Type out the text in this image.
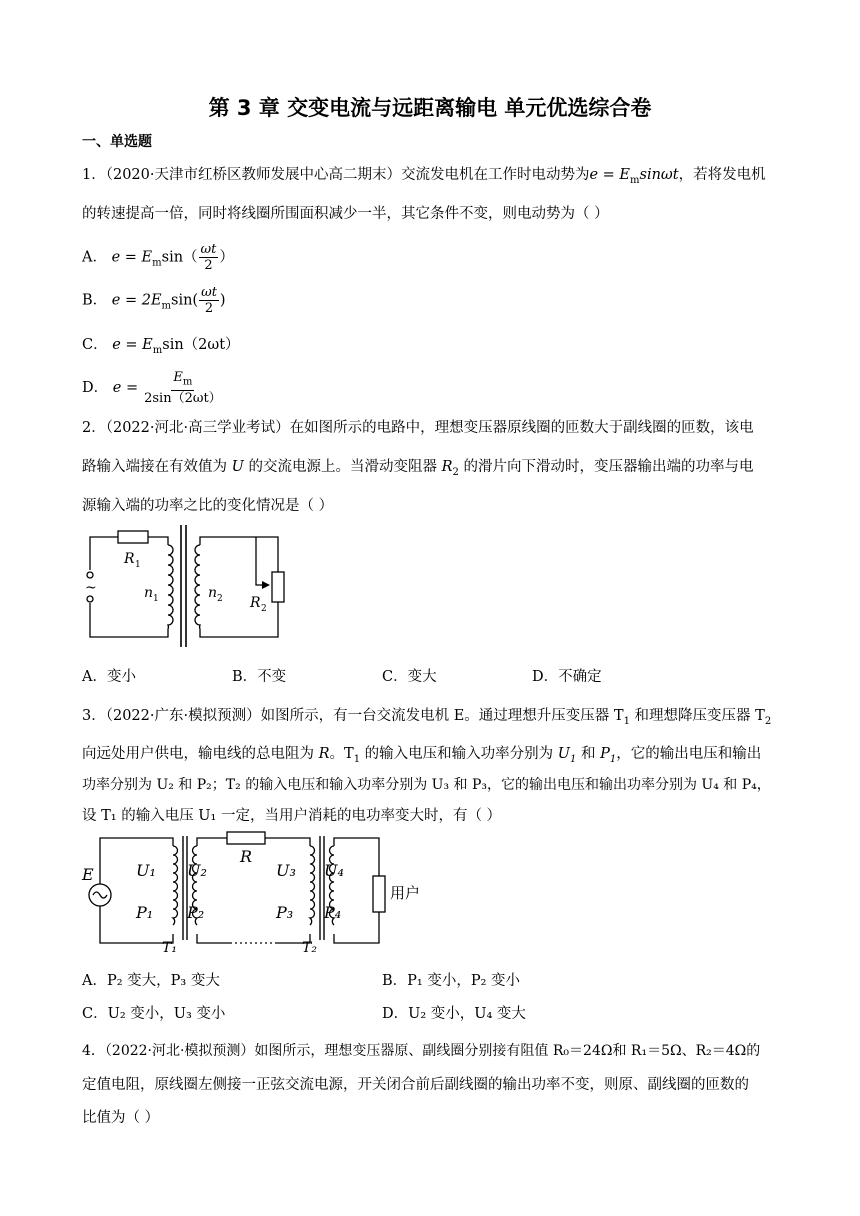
第 3 章 交变电流与远距离输电 单元优选综合卷
一、单选题
1．（2020·天津市红桥区教师发展中心高二期末）交流发电机在工作时电动势为$e = E_m\sin\omega t$，若将发电机
的转速提高一倍，同时将线圈所围面积减少一半，其它条件不变，则电动势为（ ）
A． $e = E_m\sin( \frac{\omega t}{2}$ ）
B． $e = 2E_m\sin( \frac{\omega t}{2}$ )
C． $e = E_m\sin(2\omega t)$
D． $e = \frac{E_m}{2\sin(2\omega t)}$
2．（2022·河北·高三学业考试）在如图所示的电路中，理想变压器原线圈的匝数大于副线圈的匝数，该电
路输入端接在有效值为 U 的交流电源上。当滑动变阻器 $R_2$ 的滑片向下滑动时，变压器输出端的功率与电
源输入端的功率之比的变化情况是（ ）
R 1
n 1	n 2 R 2
~
A．变小	B．不变	C．变大	D．不确定
3．（2022·广东·模拟预测）如图所示，有一台交流发电机 E。通过理想升压变压器 $T_1$ 和理想降压变压器 $T_2$
向远处用户供电，输电线的总电阻为 R。$T_1$ 的输入电压和输入功率分别为 $U_1$ 和 $P_1$，它的输出电压和输出
功率分别为 U₂ 和 P₂；T₂ 的输入电压和输入功率分别为 U₃ 和 P₃，它的输出电压和输出功率分别为 U₄ 和 P₄，
设 T₁ 的输入电压 U₁ 一定，当用户消耗的电功率变大时，有（ ）
E	U₁
P₁
U₂
P₂
R
U₃
P₃
U₄
P₄
T₁	T₂
用户
A．P₂ 变大，P₃ 变大	B．P₁ 变小，P₂ 变小
C．U₂ 变小，U₃ 变小	D．U₂ 变小，U₄ 变大
4．（2022·河北·模拟预测）如图所示，理想变压器原、副线圈分别接有阻值 R₀＝24Ω和 R₁＝5Ω、R₂＝4Ω的
定值电阻，原线圈左侧接一正弦交流电源，开关闭合前后副线圈的输出功率不变，则原、副线圈的匝数的
比值为（ ）
